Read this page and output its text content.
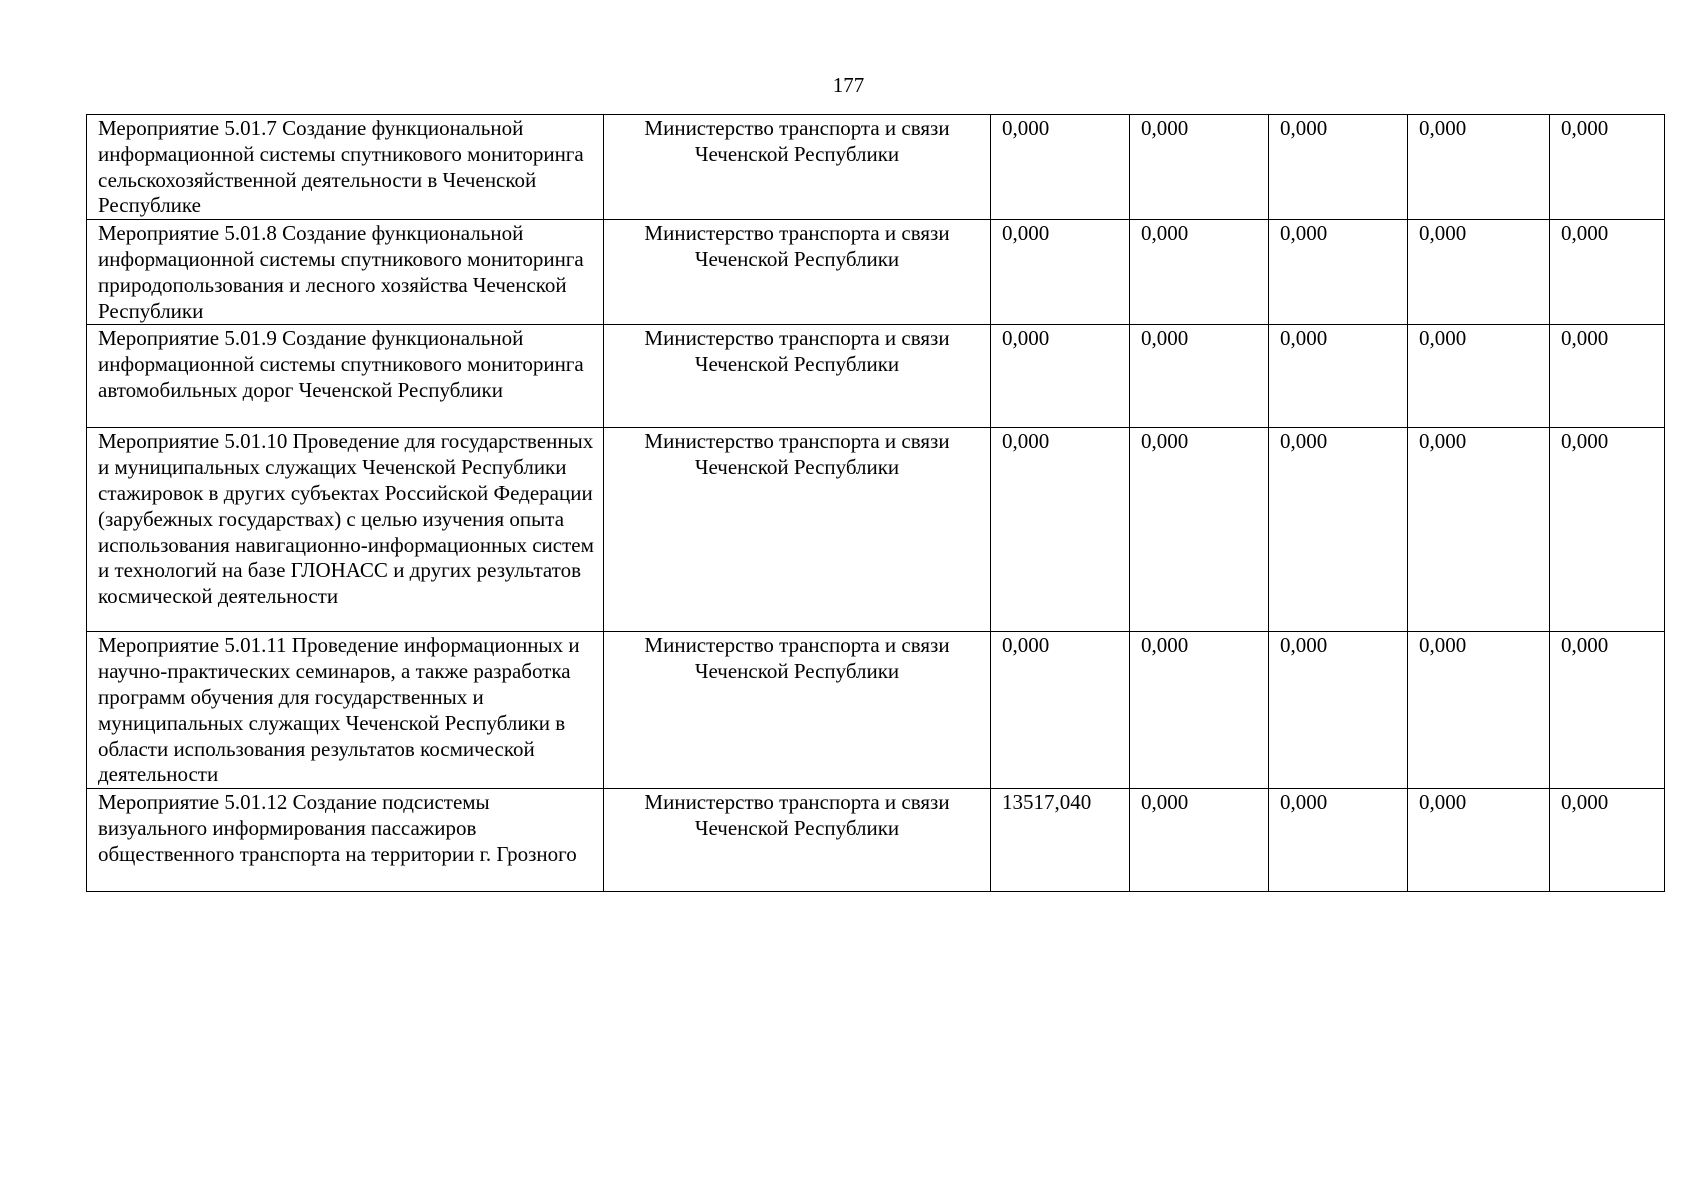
177
Мероприятие 5.01.7 Создание функциональной информационной системы спутникового мониторинга сельскохозяйственной деятельности в Чеченской Республике	Министерство транспорта и связи Чеченской Республики	0,000	0,000	0,000	0,000	0,000
Мероприятие 5.01.8 Создание функциональной информационной системы спутникового мониторинга природопользования и лесного хозяйства Чеченской Республики	Министерство транспорта и связи Чеченской Республики	0,000	0,000	0,000	0,000	0,000
Мероприятие 5.01.9 Создание функциональной информационной системы спутникового мониторинга автомобильных дорог Чеченской Республики	Министерство транспорта и связи Чеченской Республики	0,000	0,000	0,000	0,000	0,000
Мероприятие 5.01.10 Проведение для государственных и муниципальных служащих Чеченской Республики стажировок в других субъектах Российской Федерации (зарубежных государствах) с целью изучения опыта использования навигационно-информационных систем и технологий на базе ГЛОНАСС и других результатов космической деятельности	Министерство транспорта и связи Чеченской Республики	0,000	0,000	0,000	0,000	0,000
Мероприятие 5.01.11 Проведение информационных и научно-практических семинаров, а также разработка программ обучения для государственных и муниципальных служащих Чеченской Республики в области использования результатов космической деятельности	Министерство транспорта и связи Чеченской Республики	0,000	0,000	0,000	0,000	0,000
Мероприятие 5.01.12 Создание подсистемы визуального информирования пассажиров общественного транспорта на территории г. Грозного	Министерство транспорта и связи Чеченской Республики	13517,040	0,000	0,000	0,000	0,000
